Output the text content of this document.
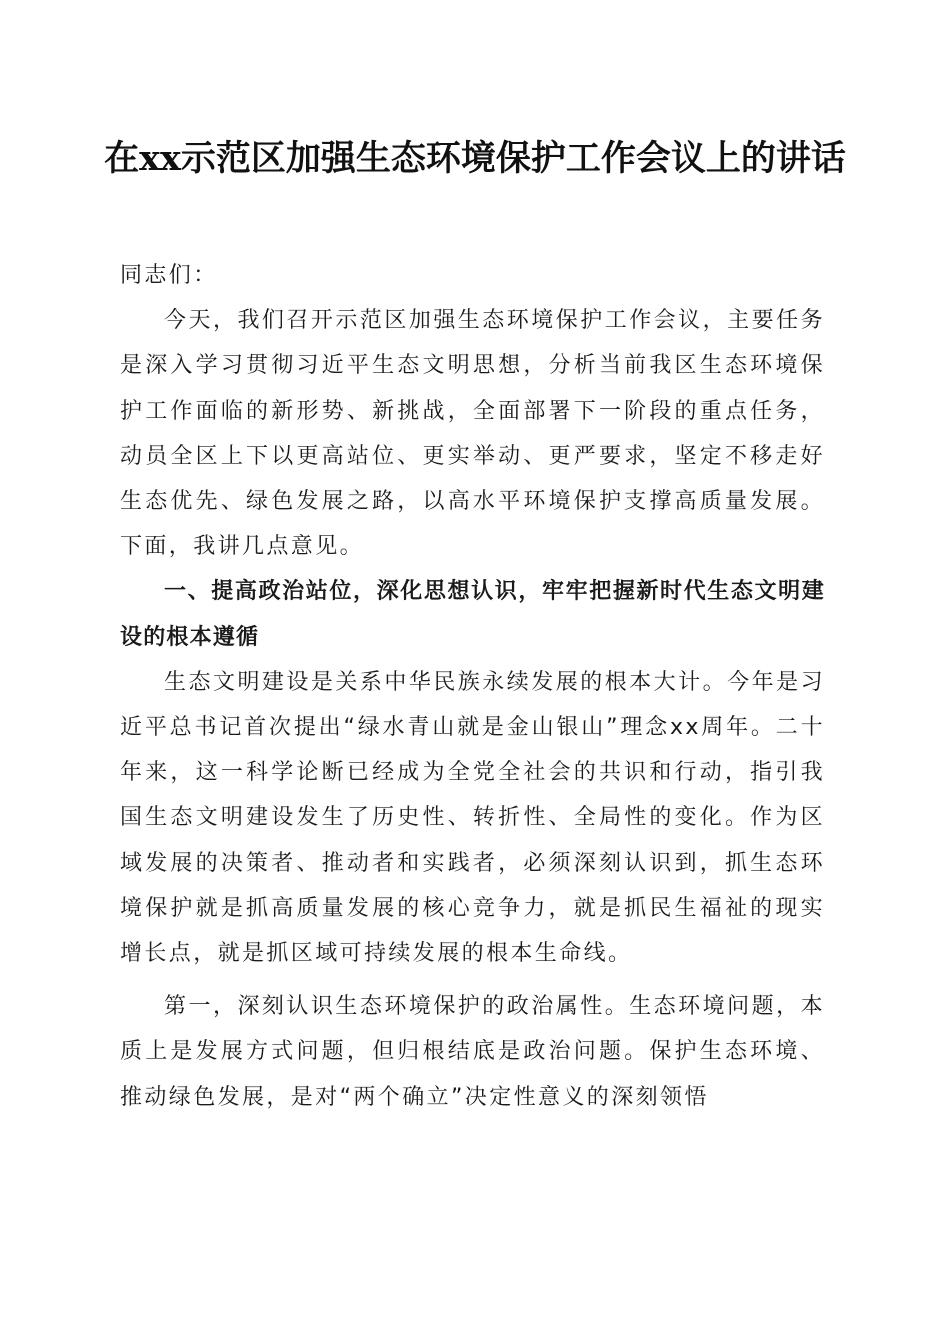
在xx示范区加强生态环境保护工作会议上的讲话

同志们：

今天，我们召开示范区加强生态环境保护工作会议，主要任务是深入学习贯彻习近平生态文明思想，分析当前我区生态环境保护工作面临的新形势、新挑战，全面部署下一阶段的重点任务，动员全区上下以更高站位、更实举动、更严要求，坚定不移走好生态优先、绿色发展之路，以高水平环境保护支撑高质量发展。下面，我讲几点意见。

一、提高政治站位，深化思想认识，牢牢把握新时代生态文明建设的根本遵循

生态文明建设是关系中华民族永续发展的根本大计。今年是习近平总书记首次提出“绿水青山就是金山银山”理念xx周年。二十年来，这一科学论断已经成为全党全社会的共识和行动，指引我国生态文明建设发生了历史性、转折性、全局性的变化。作为区域发展的决策者、推动者和实践者，必须深刻认识到，抓生态环境保护就是抓高质量发展的核心竞争力，就是抓民生福祉的现实增长点，就是抓区域可持续发展的根本生命线。

第一，深刻认识生态环境保护的政治属性。生态环境问题，本质上是发展方式问题，但归根结底是政治问题。保护生态环境、推动绿色发展，是对“两个确立”决定性意义的深刻领悟
